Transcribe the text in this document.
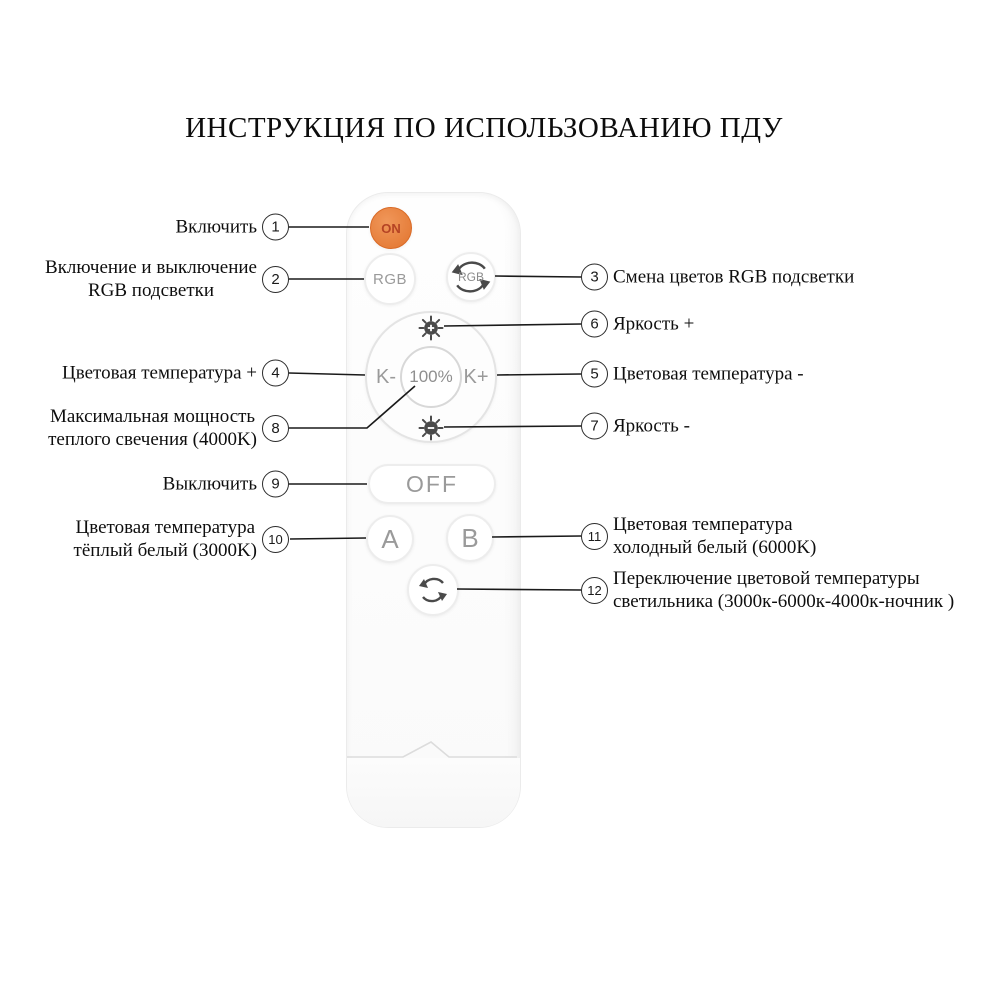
ИНСТРУКЦИЯ ПО ИСПОЛЬЗОВАНИЮ ПДУ
ON
RGB	RGB
K-	K+
100%
OFF
A B
Включить 1
Включение и выключение
RGB подсветки
2
Цветовая температура + 4
Максимальная мощность
теплого свечения (4000K)
8
Выключить 9
Цветовая температура
тёплый белый (3000K)
10
3 Смена цветов RGB подсветки
6 Яркость +
5 Цветовая температура -
7 Яркость -
11
Цветовая температура
холодный белый (6000K)
12
Переключение цветовой температуры
светильника (3000к-6000к-4000к-ночник )
